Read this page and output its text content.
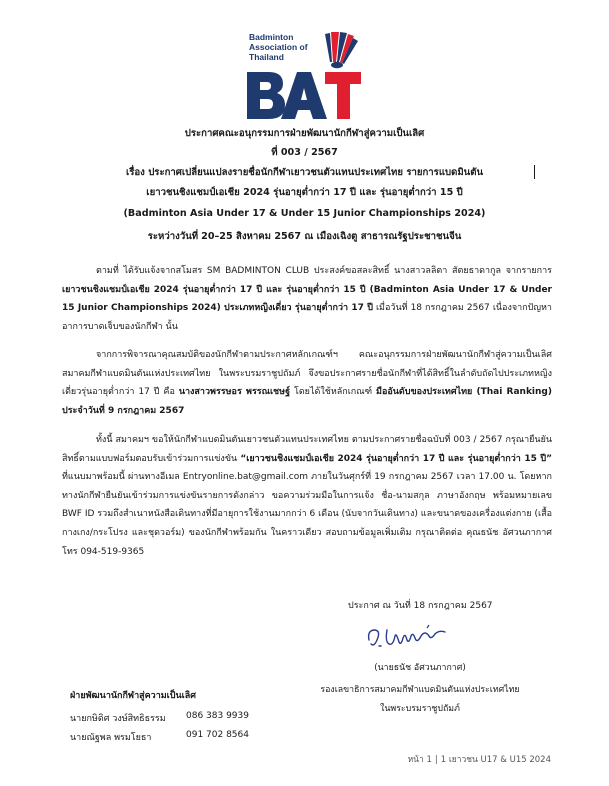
Badminton
Association of
Thailand
ประกาศคณะอนุกรรมการฝ่ายพัฒนานักกีฬาสู่ความเป็นเลิศ
ที่ 003 / 2567
เรื่อง ประกาศเปลี่ยนแปลงรายชื่อนักกีฬาเยาวชนตัวแทนประเทศไทย รายการแบดมินตัน
เยาวชนชิงแชมป์เอเชีย 2024 รุ่นอายุต่ำกว่า 17 ปี และ รุ่นอายุต่ำกว่า 15 ปี
(Badminton Asia Under 17 & Under 15 Junior Championships 2024)
ระหว่างวันที่ 20–25 สิงหาคม 2567 ณ เมืองเฉิงตู สาธารณรัฐประชาชนจีน
ตามที่ ได้รับแจ้งจากสโมสร SM BADMINTON CLUB ประสงค์ขอสละสิทธิ์ นางสาวลลิตา สัตยธาดากูล จากรายการ เยาวชนชิงแชมป์เอเชีย 2024 รุ่นอายุต่ำกว่า 17 ปี และ รุ่นอายุต่ำกว่า 15 ปี (Badminton Asia Under 17 & Under 15 Junior Championships 2024) ประเภทหญิงเดี่ยว รุ่นอายุต่ำกว่า 17 ปี เมื่อวันที่ 18 กรกฎาคม 2567 เนื่องจากปัญหาอาการบาดเจ็บของนักกีฬา นั้น
จากการพิจารณาคุณสมบัติของนักกีฬาตามประกาศหลักเกณฑ์ฯ คณะอนุกรรมการฝ่ายพัฒนานักกีฬาสู่ความเป็นเลิศ สมาคมกีฬาแบดมินตันแห่งประเทศไทย ในพระบรมราชูปถัมภ์ จึงขอประกาศรายชื่อนักกีฬาที่ได้สิทธิ์ในลำดับถัดไปประเภทหญิงเดี่ยวรุ่นอายุต่ำกว่า 17 ปี คือ นางสาวพรรษอร พรรณเชษฐ์ โดยได้ใช้หลักเกณฑ์ มืออันดับของประเทศไทย (Thai Ranking) ประจำวันที่ 9 กรกฎาคม 2567
ทั้งนี้ สมาคมฯ ขอให้นักกีฬาแบดมินตันเยาวชนตัวแทนประเทศไทย ตามประกาศรายชื่อฉบับที่ 003 / 2567 กรุณายืนยันสิทธิ์ตามแบบฟอร์มตอบรับเข้าร่วมการแข่งขัน “เยาวชนชิงแชมป์เอเชีย 2024 รุ่นอายุต่ำกว่า 17 ปี และ รุ่นอายุต่ำกว่า 15 ปี” ที่แนบมาพร้อมนี้ ผ่านทางอีเมล Entryonline.bat@gmail.com ภายในวันศุกร์ที่ 19 กรกฎาคม 2567 เวลา 17.00 น. โดยหากทางนักกีฬายืนยันเข้าร่วมการแข่งขันรายการดังกล่าว ขอความร่วมมือในการแจ้ง ชื่อ-นามสกุล ภาษาอังกฤษ พร้อมหมายเลข BWF ID รวมถึงสำเนาหนังสือเดินทางที่มีอายุการใช้งานมากกว่า 6 เดือน (นับจากวันเดินทาง) และขนาดของเครื่องแต่งกาย (เสื้อ กางเกง/กระโปรง และชุดวอร์ม) ของนักกีฬาพร้อมกัน ในคราวเดียว สอบถามข้อมูลเพิ่มเติม กรุณาติดต่อ คุณธนัช อัศวนภากาศ โทร 094-519-9365
ประกาศ ณ วันที่ 18 กรกฎาคม 2567
(นายธนัช อัศวนภากาศ)
รองเลขาธิการสมาคมกีฬาแบดมินตันแห่งประเทศไทย
ในพระบรมราชูปถัมภ์
ฝ่ายพัฒนานักกีฬาสู่ความเป็นเลิศ
นายกษิดิศ วงษ์สิทธิธรรม 086 383 9939
นายณัฐพล พรมโยธา	091 702 8564
หน้า 1 | 1 เยาวชน U17 & U15 2024
